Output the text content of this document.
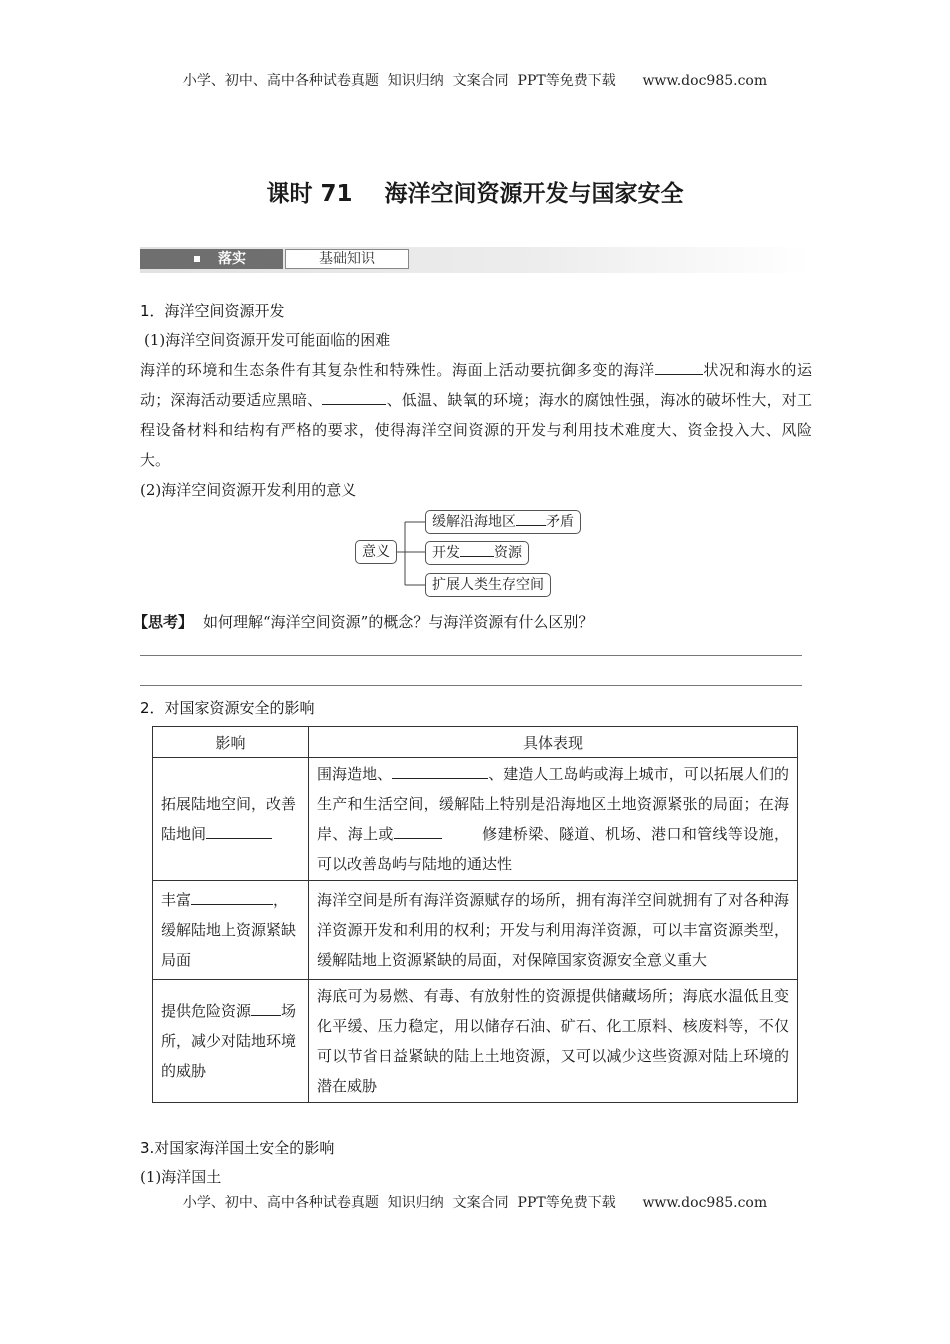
小学、初中、高中各种试卷真题  知识归纳  文案合同  PPT等免费下载      www.doc985.com
课时 71    海洋空间资源开发与国家安全
落实	基础知识
1．海洋空间资源开发
(1)海洋空间资源开发可能面临的困难
海洋的环境和生态条件有其复杂性和特殊性。海面上活动要抗御多变的海洋	状况和海水的运动；深海活动要适应黑暗、	、低温、缺氧的环境；海水的腐蚀性强，海冰的破坏性大，对工程设备材料和结构有严格的要求，使得海洋空间资源的开发与利用技术难度大、资金投入大、风险大。
(2)海洋空间资源开发利用的意义
意义
缓解沿海地区 矛盾
开发 资源
扩展人类生存空间
【思考】 如何理解“海洋空间资源”的概念？与海洋资源有什么区别？
2．对国家资源安全的影响
影响	具体表现
拓展陆地空间，改善陆地间	围海造地、 、建造人工岛屿或海上城市，可以拓展人们的生产和生活空间，缓解陆上特别是沿海地区土地资源紧张的局面；在海岸、海上或 修建桥梁、隧道、机场、港口和管线等设施，可以改善岛屿与陆地的通达性
丰富 ，缓解陆地上资源紧缺局面	海洋空间是所有海洋资源赋存的场所，拥有海洋空间就拥有了对各种海洋资源开发和利用的权利；开发与利用海洋资源，可以丰富资源类型，缓解陆地上资源紧缺的局面，对保障国家资源安全意义重大
提供危险资源 场所，减少对陆地环境的威胁	海底可为易燃、有毒、有放射性的资源提供储藏场所；海底水温低且变化平缓、压力稳定，用以储存石油、矿石、化工原料、核废料等，不仅可以节省日益紧缺的陆上土地资源，又可以减少这些资源对陆上环境的潜在威胁
3.对国家海洋国土安全的影响
(1)海洋国土
小学、初中、高中各种试卷真题  知识归纳  文案合同  PPT等免费下载      www.doc985.com
